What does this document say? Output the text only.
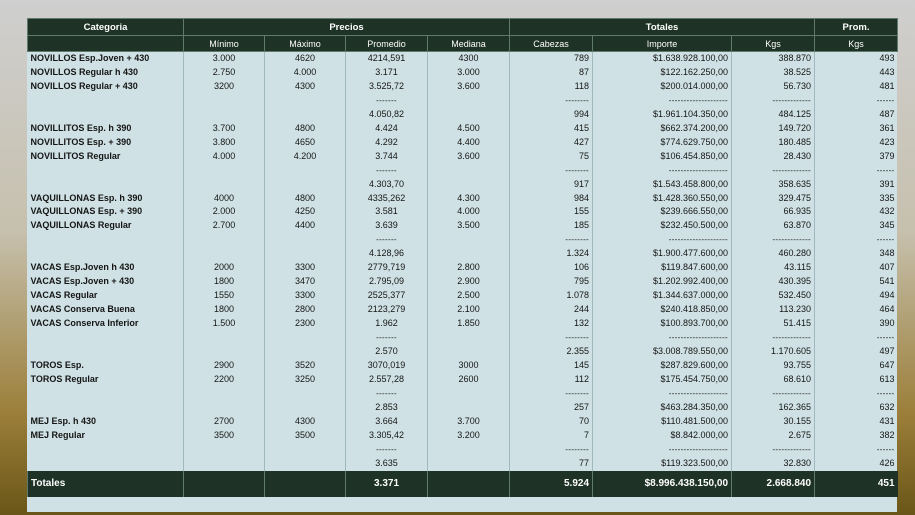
Categoria	Precios				Totales			Prom.
	Mínimo	Máximo	Promedio	Mediana	Cabezas	Importe	Kgs	Kgs
NOVILLOS Esp.Joven + 430	3.000	4620	4214,591	4300	789	$1.638.928.100,00	388.870	493
NOVILLOS Regular h 430	2.750	4.000	3.171	3.000	87	$122.162.250,00	38.525	443
NOVILLOS Regular + 430	3200	4300	3.525,72	3.600	118	$200.014.000,00	56.730	481
			-------		--------	--------------------	-------------	------
			4.050,82		994	$1.961.104.350,00	484.125	487
NOVILLITOS Esp. h 390	3.700	4800	4.424	4.500	415	$662.374.200,00	149.720	361
NOVILLITOS Esp. + 390	3.800	4650	4.292	4.400	427	$774.629.750,00	180.485	423
NOVILLITOS Regular	4.000	4.200	3.744	3.600	75	$106.454.850,00	28.430	379
			-------		--------	--------------------	-------------	------
			4.303,70		917	$1.543.458.800,00	358.635	391
VAQUILLONAS Esp. h 390	4000	4800	4335,262	4.300	984	$1.428.360.550,00	329.475	335
VAQUILLONAS Esp. + 390	2.000	4250	3.581	4.000	155	$239.666.550,00	66.935	432
VAQUILLONAS Regular	2.700	4400	3.639	3.500	185	$232.450.500,00	63.870	345
			-------		--------	--------------------	-------------	------
			4.128,96		1.324	$1.900.477.600,00	460.280	348
VACAS Esp.Joven h 430	2000	3300	2779,719	2.800	106	$119.847.600,00	43.115	407
VACAS Esp.Joven + 430	1800	3470	2.795,09	2.900	795	$1.202.992.400,00	430.395	541
VACAS Regular	1550	3300	2525,377	2.500	1.078	$1.344.637.000,00	532.450	494
VACAS Conserva Buena	1800	2800	2123,279	2.100	244	$240.418.850,00	113.230	464
VACAS Conserva Inferior	1.500	2300	1.962	1.850	132	$100.893.700,00	51.415	390
			-------		--------	--------------------	-------------	------
			2.570		2.355	$3.008.789.550,00	1.170.605	497
TOROS Esp.	2900	3520	3070,019	3000	145	$287.829.600,00	93.755	647
TOROS Regular	2200	3250	2.557,28	2600	112	$175.454.750,00	68.610	613
			-------		--------	--------------------	-------------	------
			2.853		257	$463.284.350,00	162.365	632
MEJ Esp. h 430	2700	4300	3.664	3.700	70	$110.481.500,00	30.155	431
MEJ Regular	3500	3500	3.305,42	3.200	7	$8.842.000,00	2.675	382
			-------		--------	--------------------	-------------	------
			3.635		77	$119.323.500,00	32.830	426
Totales			3.371		5.924	$8.996.438.150,00	2.668.840	451
